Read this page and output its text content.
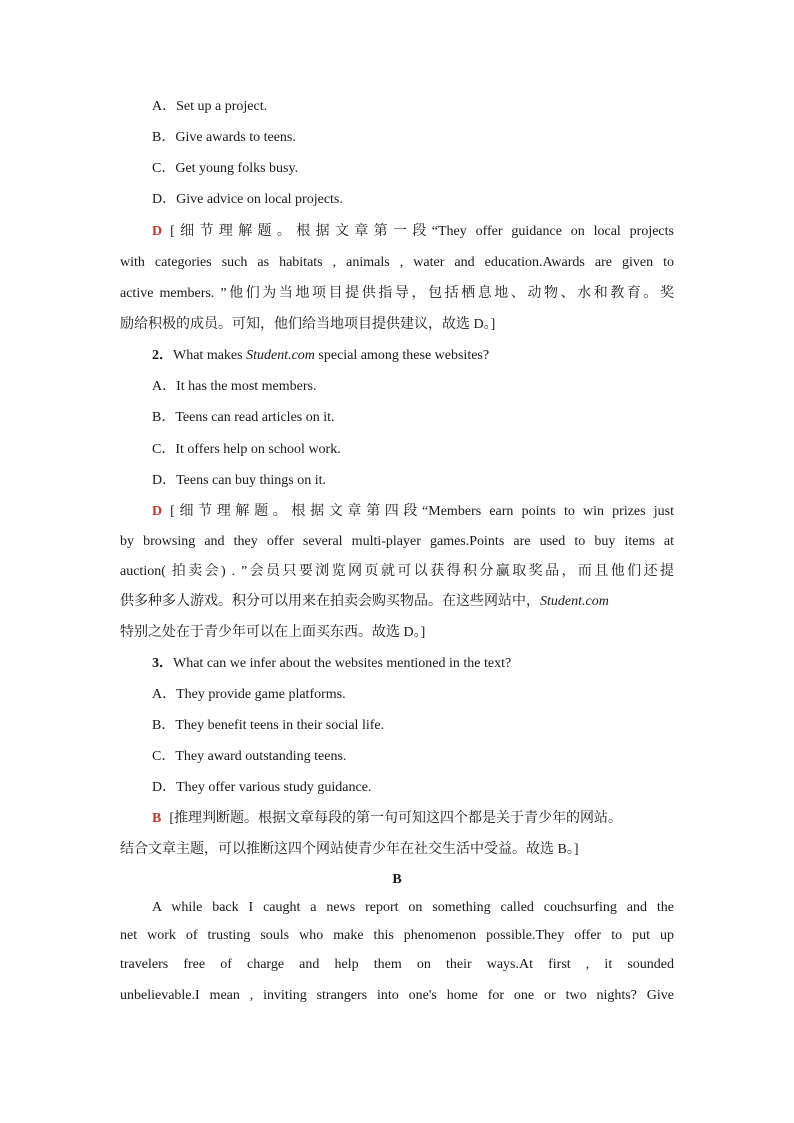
A．Set up a project.
B．Give awards to teens.
C．Get young folks busy.
D．Give advice on local projects.
D [细节理解题。根据文章第一段“They offer guidance on local projects
with categories such as habitats , animals , water and education.Awards are given to
active members. ”他们为当地项目提供指导，包括栖息地、动物、水和教育。奖
励给积极的成员。可知，他们给当地项目提供建议，故选 D。]
2．What makes Student.com special among these websites?
A．It has the most members.
B．Teens can read articles on it.
C．It offers help on school work.
D．Teens can buy things on it.
D [细节理解题。根据文章第四段“Members earn points to win prizes just
by browsing and they offer several multi-player games.Points are used to buy items at
auction( 拍卖会) . ”会员只要浏览网页就可以获得积分赢取奖品，而且他们还提
供多种多人游戏。积分可以用来在拍卖会购买物品。在这些网站中，Student.com
特别之处在于青少年可以在上面买东西。故选 D。]
3．What can we infer about the websites mentioned in the text?
A．They provide game platforms.
B．They benefit teens in their social life.
C．They award outstanding teens.
D．They offer various study guidance.
B [推理判断题。根据文章每段的第一句可知这四个都是关于青少年的网站。
结合文章主题，可以推断这四个网站使青少年在社交生活中受益。故选 B。]
B
A while back I caught a news report on something called couchsurfing and the
net work of trusting souls who make this phenomenon possible.They offer to put up
travelers free of charge and help them on their ways.At first , it sounded
unbelievable.I mean , inviting strangers into one's home for one or two nights? Give
